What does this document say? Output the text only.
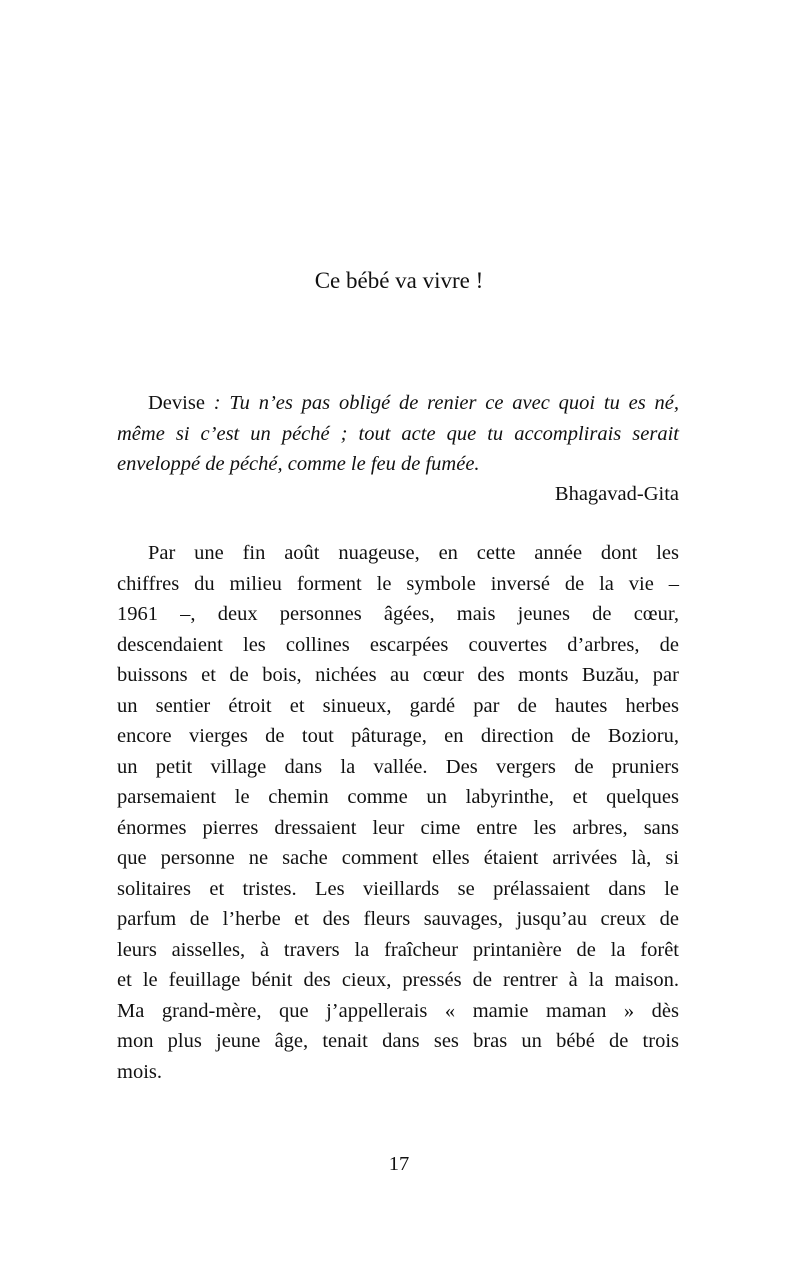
Ce bébé va vivre !

Devise : Tu n’es pas obligé de renier ce avec quoi tu es né, même si c’est un péché ; tout acte que tu accomplirais serait enveloppé de péché, comme le feu de fumée.

Bhagavad-Gita

Par une fin août nuageuse, en cette année dont les
chiffres du milieu forment le symbole inversé de la vie –
1961 –, deux personnes âgées, mais jeunes de cœur,
descendaient les collines escarpées couvertes d’arbres, de
buissons et de bois, nichées au cœur des monts Buzău, par
un sentier étroit et sinueux, gardé par de hautes herbes
encore vierges de tout pâturage, en direction de Bozioru,
un petit village dans la vallée. Des vergers de pruniers
parsemaient le chemin comme un labyrinthe, et quelques
énormes pierres dressaient leur cime entre les arbres, sans
que personne ne sache comment elles étaient arrivées là, si
solitaires et tristes. Les vieillards se prélassaient dans le
parfum de l’herbe et des fleurs sauvages, jusqu’au creux de
leurs aisselles, à travers la fraîcheur printanière de la forêt
et le feuillage bénit des cieux, pressés de rentrer à la maison.
Ma grand-mère, que j’appellerais « mamie maman » dès
mon plus jeune âge, tenait dans ses bras un bébé de trois
mois.

17
